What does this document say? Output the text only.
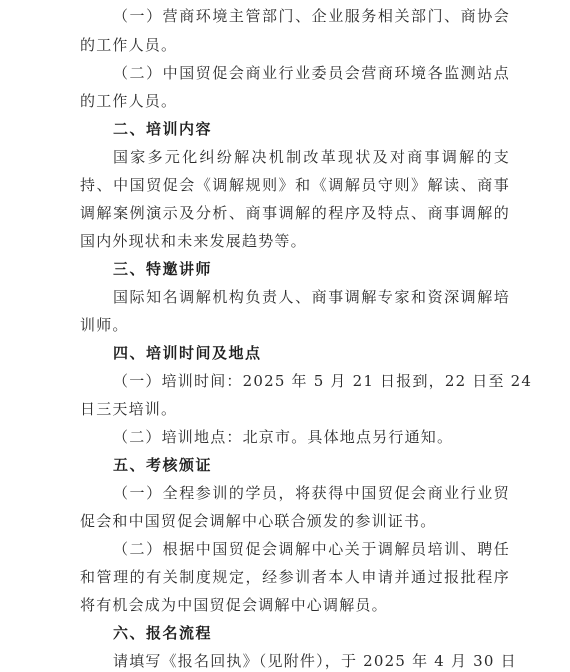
（一）营商环境主管部门、企业服务相关部门、商协会
的工作人员。
（二）中国贸促会商业行业委员会营商环境各监测站点
的工作人员。
二、培训内容
国家多元化纠纷解决机制改革现状及对商事调解的支
持、中国贸促会《调解规则》和《调解员守则》解读、商事
调解案例演示及分析、商事调解的程序及特点、商事调解的
国内外现状和未来发展趋势等。
三、特邀讲师
国际知名调解机构负责人、商事调解专家和资深调解培
训师。
四、培训时间及地点
（一）培训时间：2025 年 5 月 21 日报到，22 日至 24
日三天培训。
（二）培训地点：北京市。具体地点另行通知。
五、考核颁证
（一）全程参训的学员，将获得中国贸促会商业行业贸
促会和中国贸促会调解中心联合颁发的参训证书。
（二）根据中国贸促会调解中心关于调解员培训、聘任
和管理的有关制度规定，经参训者本人申请并通过报批程序
将有机会成为中国贸促会调解中心调解员。
六、报名流程
请填写《报名回执》（见附件），于 2025 年 4 月 30 日
